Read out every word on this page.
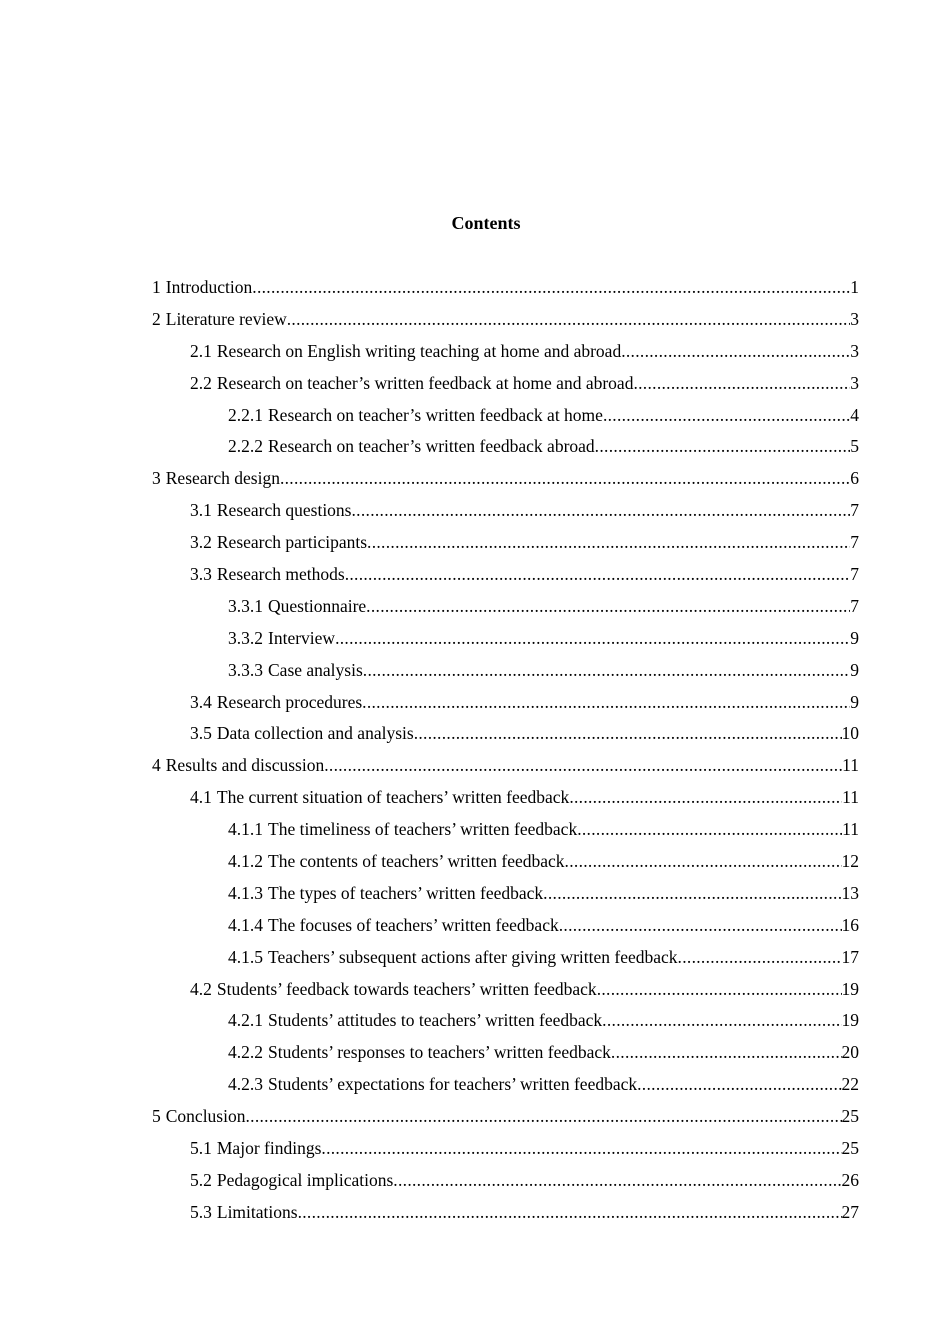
Contents
1 Introduction .....	1
2 Literature review .....	3
2.1 Research on English writing teaching at home and abroad .....	3
2.2 Research on teacher’s written feedback at home and abroad .....	3
2.2.1 Research on teacher’s written feedback at home .....	4
2.2.2 Research on teacher’s written feedback abroad .....	5
3 Research design .....	6
3.1 Research questions .....	7
3.2 Research participants .....	7
3.3 Research methods .....	7
3.3.1 Questionnaire .....	7
3.3.2 Interview .....	9
3.3.3 Case analysis .....	9
3.4 Research procedures .....	9
3.5 Data collection and analysis .....	10
4 Results and discussion .....	11
4.1 The current situation of teachers’ written feedback .....	11
4.1.1 The timeliness of teachers’ written feedback .....	11
4.1.2 The contents of teachers’ written feedback .....	12
4.1.3 The types of teachers’ written feedback .....	13
4.1.4 The focuses of teachers’ written feedback .....	16
4.1.5 Teachers’ subsequent actions after giving written feedback .....	17
4.2 Students’ feedback towards teachers’ written feedback .....	19
4.2.1 Students’ attitudes to teachers’ written feedback .....	19
4.2.2 Students’ responses to teachers’ written feedback .....	20
4.2.3 Students’ expectations for teachers’ written feedback .....	22
5 Conclusion .....	25
5.1 Major findings .....	25
5.2 Pedagogical implications .....	26
5.3 Limitations .....	27
